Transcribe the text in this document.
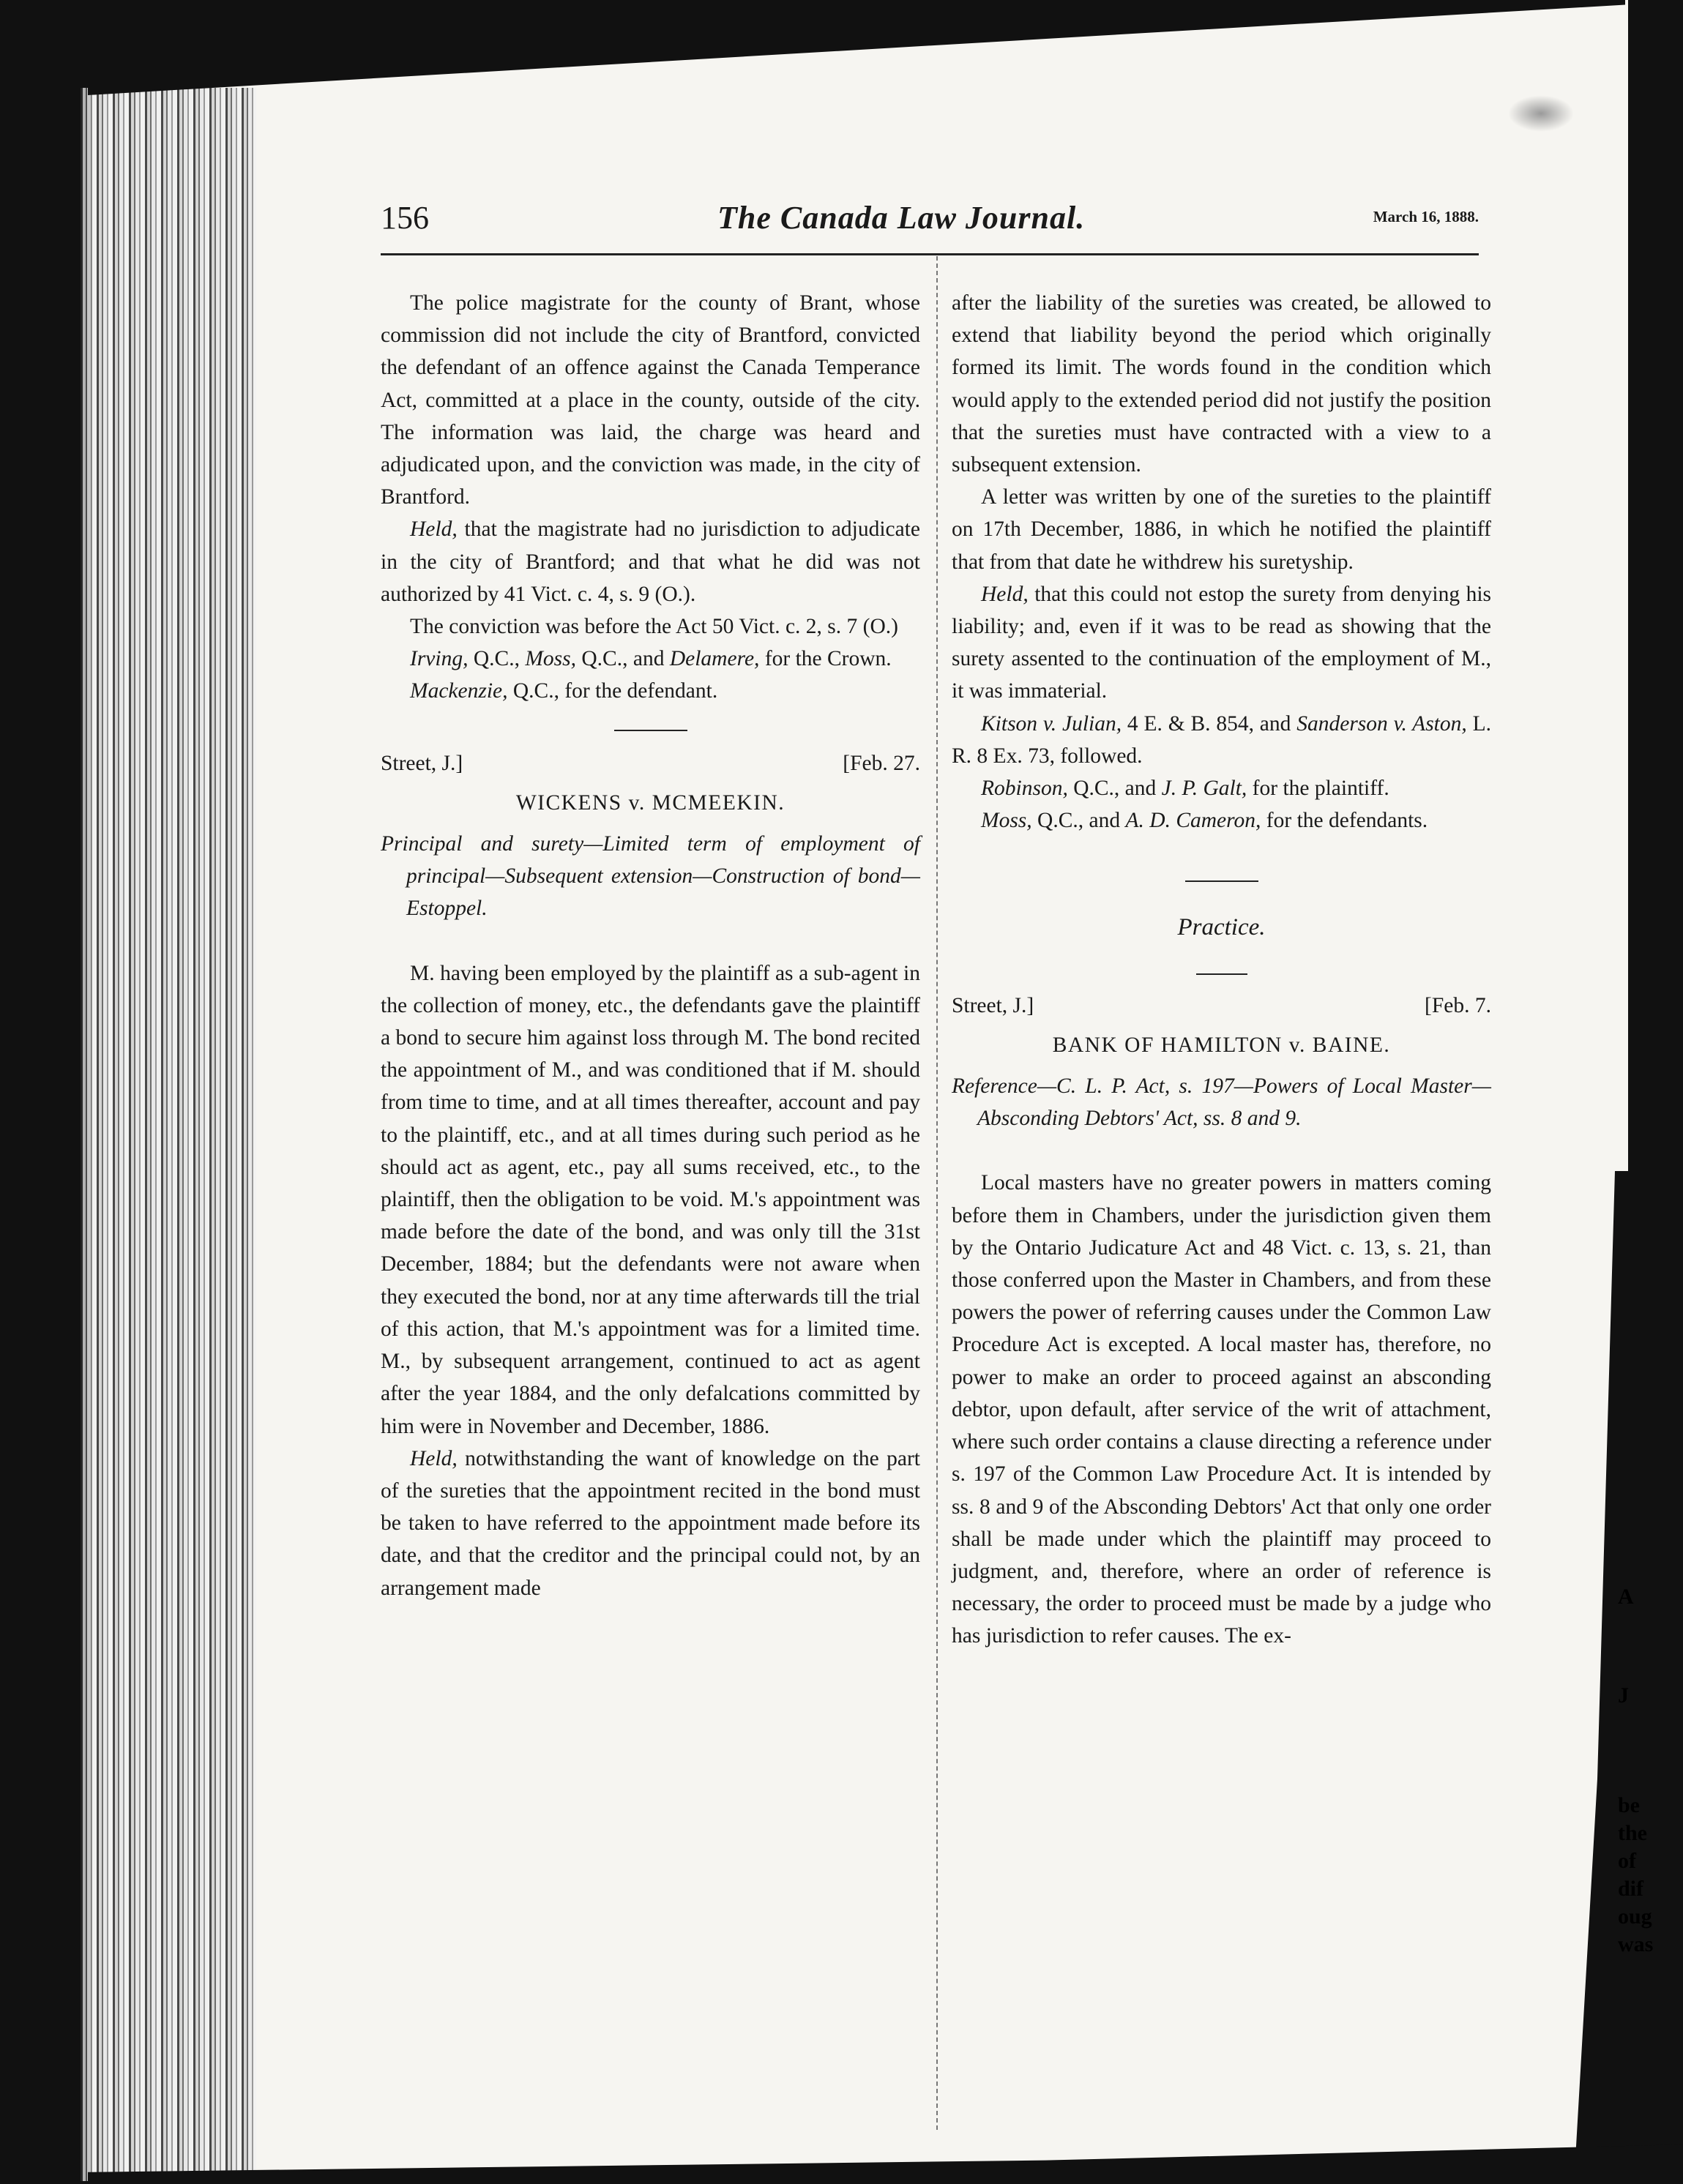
A
J
be
the
of
dif
oug
was
156	The Canada Law Journal.	March 16, 1888.

The police magistrate for the county of Brant, whose commission did not include the city of Brantford, convicted the defendant of an offence against the Canada Temperance Act, committed at a place in the county, outside of the city. The information was laid, the charge was heard and adjudicated upon, and the conviction was made, in the city of Brantford.

Held, that the magistrate had no jurisdiction to adjudicate in the city of Brantford; and that what he did was not authorized by 41 Vict. c. 4, s. 9 (O.).

The conviction was before the Act 50 Vict. c. 2, s. 7 (O.)

Irving, Q.C., Moss, Q.C., and Delamere, for the Crown.

Mackenzie, Q.C., for the defendant.

Street, J.]	[Feb. 27.

WICKENS v. MCMEEKIN.

Principal and surety—Limited term of employment of principal—Subsequent extension—Construction of bond—Estoppel.

M. having been employed by the plaintiff as a sub-agent in the collection of money, etc., the defendants gave the plaintiff a bond to secure him against loss through M. The bond recited the appointment of M., and was conditioned that if M. should from time to time, and at all times thereafter, account and pay to the plaintiff, etc., and at all times during such period as he should act as agent, etc., pay all sums received, etc., to the plaintiff, then the obligation to be void. M.'s appointment was made before the date of the bond, and was only till the 31st December, 1884; but the defendants were not aware when they executed the bond, nor at any time afterwards till the trial of this action, that M.'s appointment was for a limited time. M., by subsequent arrangement, continued to act as agent after the year 1884, and the only defalcations committed by him were in November and December, 1886.

Held, notwithstanding the want of knowledge on the part of the sureties that the appointment recited in the bond must be taken to have referred to the appointment made before its date, and that the creditor and the principal could not, by an arrangement made

after the liability of the sureties was created, be allowed to extend that liability beyond the period which originally formed its limit. The words found in the condition which would apply to the extended period did not justify the position that the sureties must have contracted with a view to a subsequent extension.

A letter was written by one of the sureties to the plaintiff on 17th December, 1886, in which he notified the plaintiff that from that date he withdrew his suretyship.

Held, that this could not estop the surety from denying his liability; and, even if it was to be read as showing that the surety assented to the continuation of the employment of M., it was immaterial.

Kitson v. Julian, 4 E. & B. 854, and Sanderson v. Aston, L. R. 8 Ex. 73, followed.

Robinson, Q.C., and J. P. Galt, for the plaintiff.

Moss, Q.C., and A. D. Cameron, for the defendants.

Practice.

Street, J.]	[Feb. 7.

BANK OF HAMILTON v. BAINE.

Reference—C. L. P. Act, s. 197—Powers of Local Master—Absconding Debtors' Act, ss. 8 and 9.

Local masters have no greater powers in matters coming before them in Chambers, under the jurisdiction given them by the Ontario Judicature Act and 48 Vict. c. 13, s. 21, than those conferred upon the Master in Chambers, and from these powers the power of referring causes under the Common Law Procedure Act is excepted. A local master has, therefore, no power to make an order to proceed against an absconding debtor, upon default, after service of the writ of attachment, where such order contains a clause directing a reference under s. 197 of the Common Law Procedure Act. It is intended by ss. 8 and 9 of the Absconding Debtors' Act that only one order shall be made under which the plaintiff may proceed to judgment, and, therefore, where an order of reference is necessary, the order to proceed must be made by a judge who has jurisdiction to refer causes. The ex-
